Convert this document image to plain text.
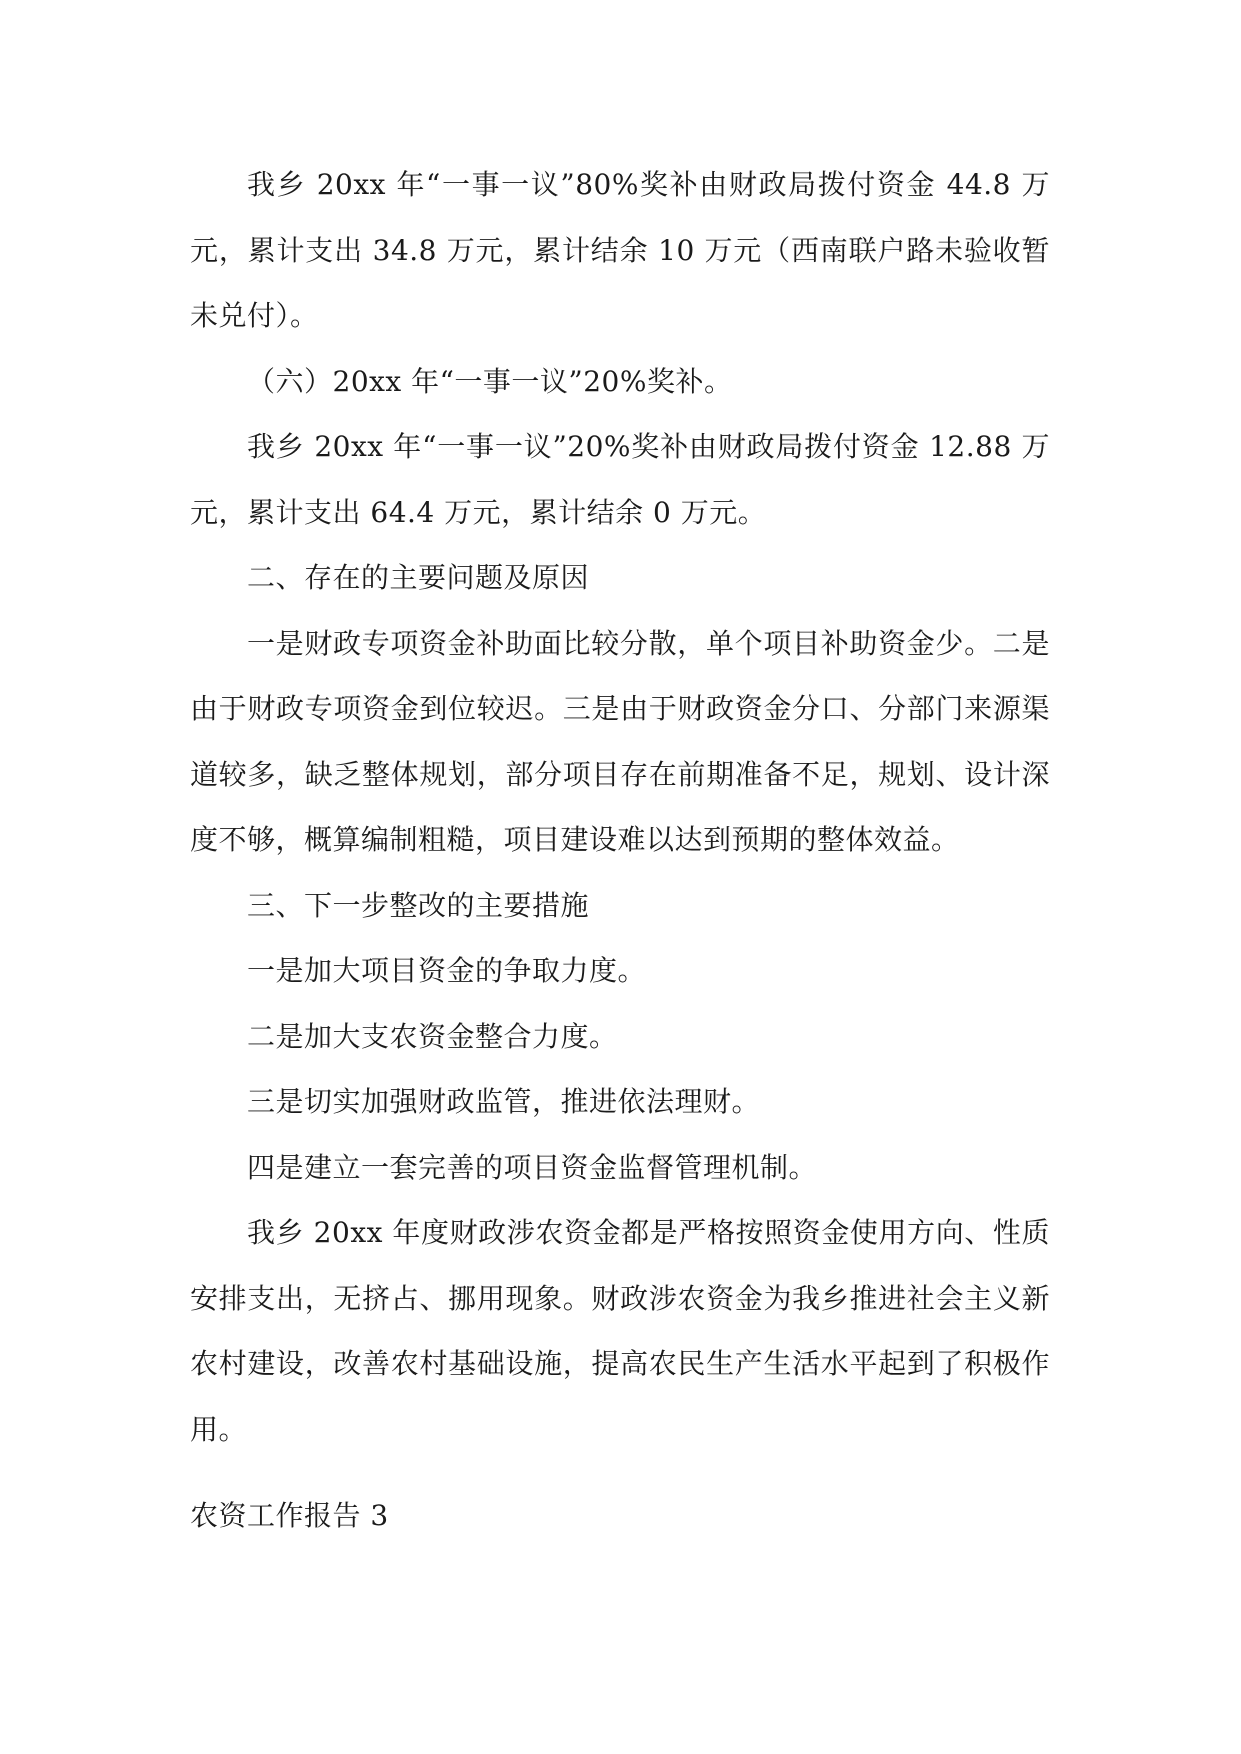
我乡 20xx 年“一事一议”80%奖补由财政局拨付资金 44.8 万元，累计支出 34.8 万元，累计结余 10 万元（西南联户路未验收暂未兑付）。

（六）20xx 年“一事一议”20%奖补。

我乡 20xx 年“一事一议”20%奖补由财政局拨付资金 12.88 万元，累计支出 64.4 万元，累计结余 0 万元。

二、存在的主要问题及原因

一是财政专项资金补助面比较分散，单个项目补助资金少。二是由于财政专项资金到位较迟。三是由于财政资金分口、分部门来源渠道较多，缺乏整体规划，部分项目存在前期准备不足，规划、设计深度不够，概算编制粗糙，项目建设难以达到预期的整体效益。

三、下一步整改的主要措施

一是加大项目资金的争取力度。

二是加大支农资金整合力度。

三是切实加强财政监管，推进依法理财。

四是建立一套完善的项目资金监督管理机制。

我乡 20xx 年度财政涉农资金都是严格按照资金使用方向、性质安排支出，无挤占、挪用现象。财政涉农资金为我乡推进社会主义新农村建设，改善农村基础设施，提高农民生产生活水平起到了积极作用。

农资工作报告 3
